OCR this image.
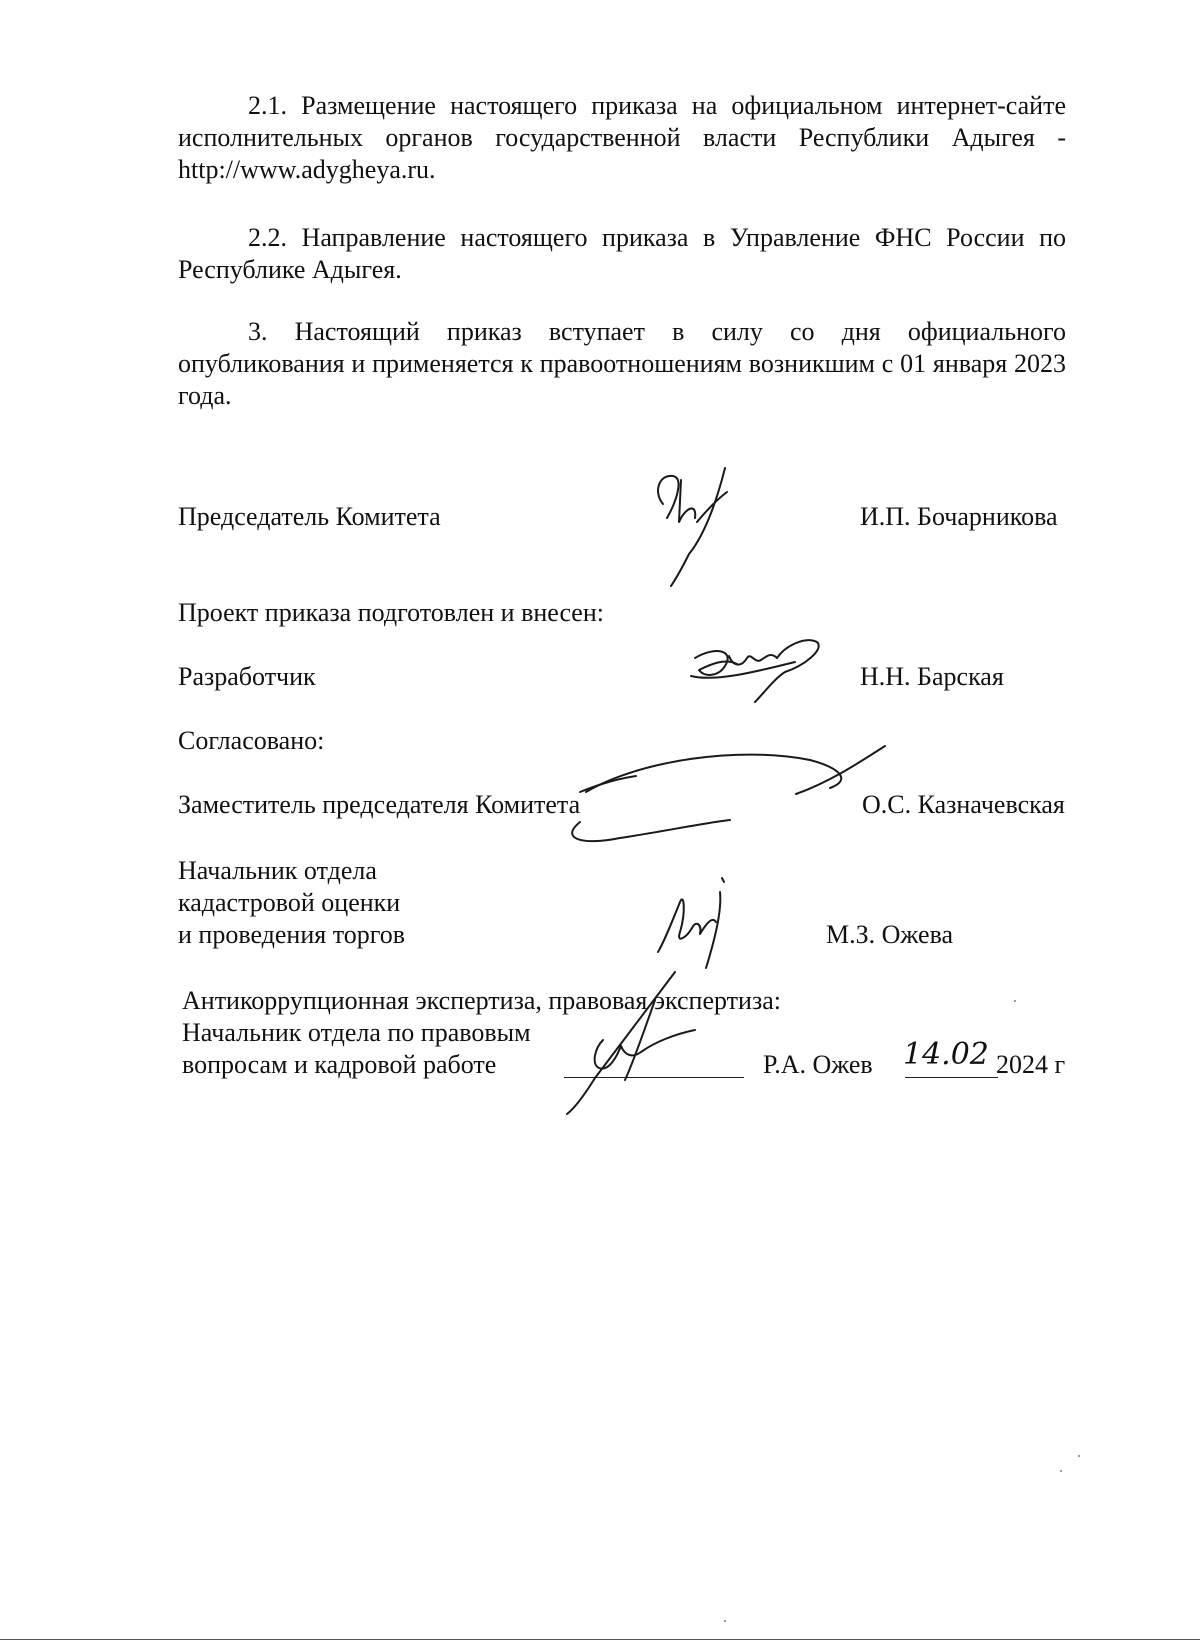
2.1. Размещение настоящего приказа на официальном интернет-сайте исполнительных органов государственной власти Республики Адыгея - http://www.adygheya.ru.

2.2. Направление настоящего приказа в Управление ФНС России по Республике Адыгея.

3. Настоящий приказ вступает в силу со дня официального опубликования и применяется к правоотношениям возникшим с 01 января 2023 года.

Председатель Комитета	И.П. Бочарникова
Проект приказа подготовлен и внесен:
Разработчик	Н.Н. Барская
Согласовано:
Заместитель председателя Комитета	О.С. Казначевская
Начальник отдела
кадастровой оценки
и проведения торгов	М.З. Ожева
Антикоррупционная экспертиза, правовая экспертиза:
Начальник отдела по правовым
вопросам и кадровой работе	Р.А. Ожев 14.02 2024 г
